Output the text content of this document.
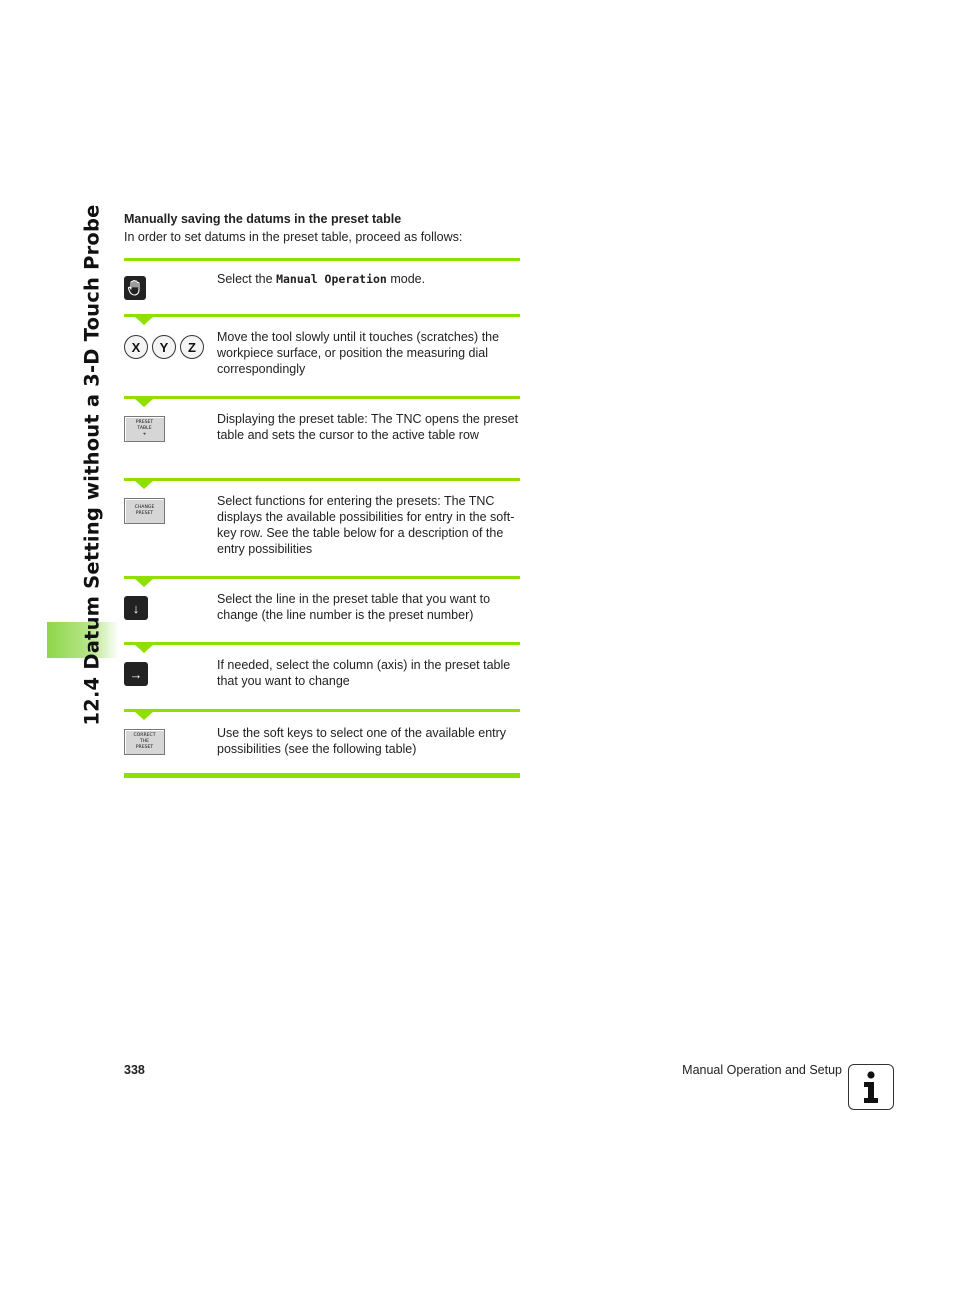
12.4 Datum Setting without a 3-D Touch Probe Manually saving the datums in the preset table
In order to set datums in the preset table, proceed as follows:
Select the Manual Operation mode.
X	Y	Z
Move the tool slowly until it touches (scratches) the workpiece surface, or position the measuring dial correspondingly
PRESET
TABLE
⌖
Displaying the preset table: The TNC opens the preset table and sets the cursor to the active table row
CHANGE
PRESET
Select functions for entering the presets: The TNC displays the available possibilities for entry in the soft-key row. See the table below for a description of the entry possibilities
↓
Select the line in the preset table that you want to change (the line number is the preset number)
→
If needed, select the column (axis) in the preset table that you want to change
CORRECT
THE
PRESET
Use the soft keys to select one of the available entry possibilities (see the following table)
338	Manual Operation and Setup
